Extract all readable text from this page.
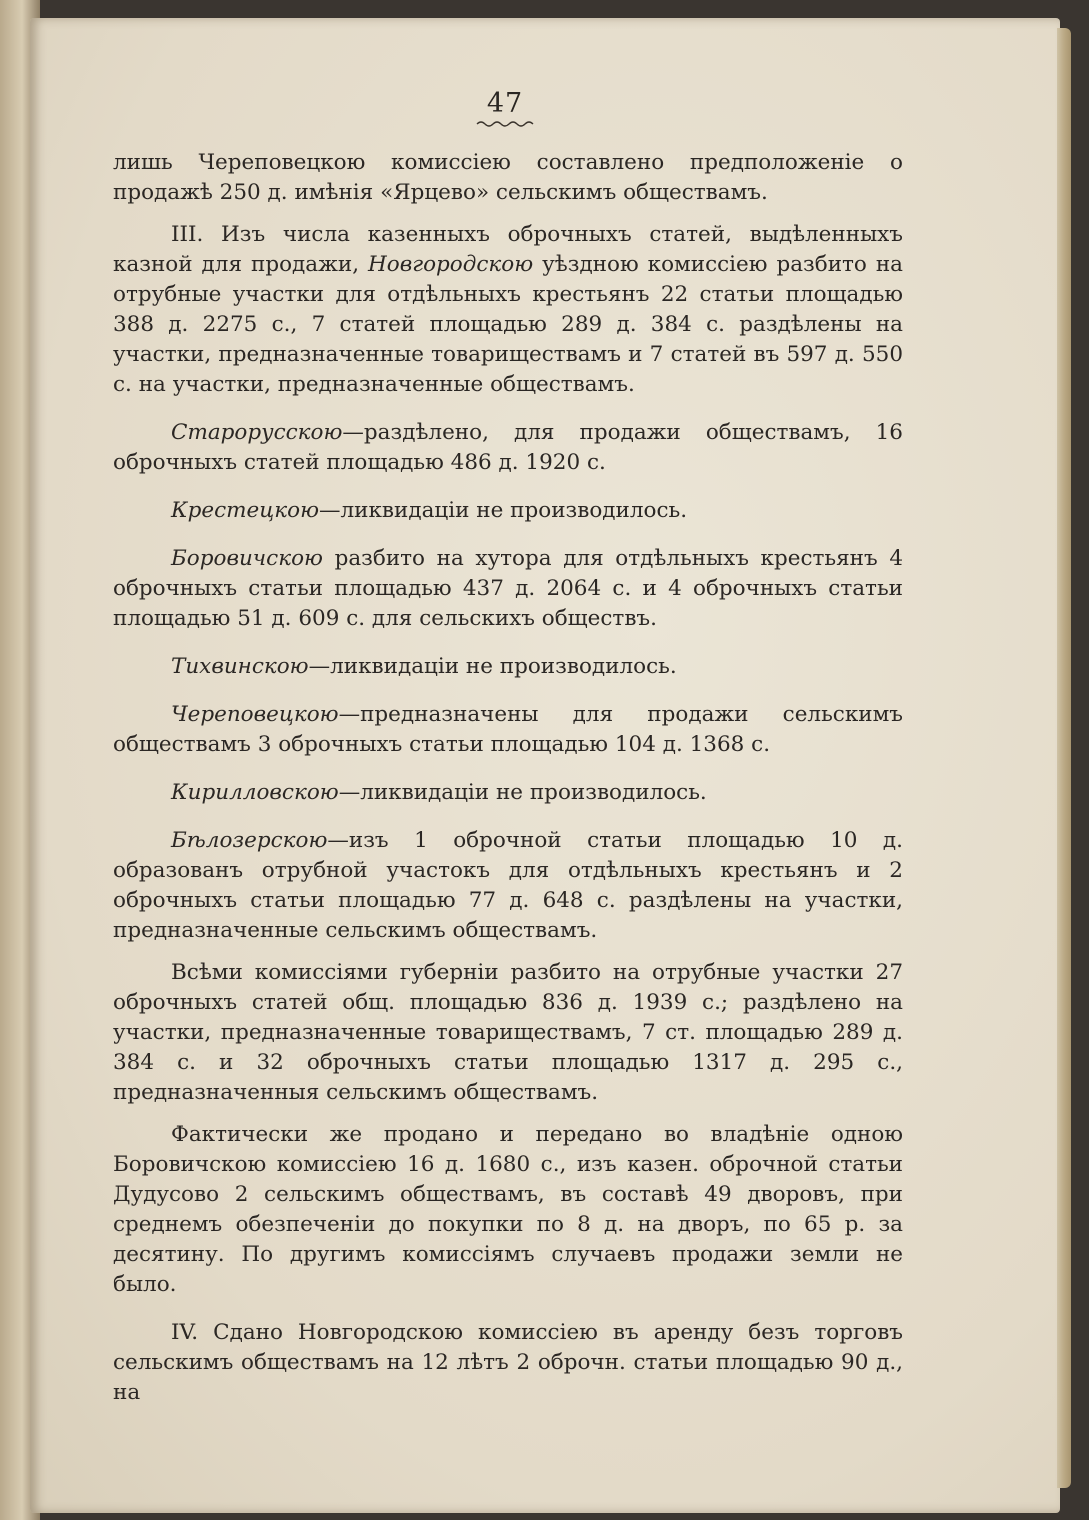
47

лишь Череповецкою комиссiею составлено предположенiе о продажѣ 250 д. имѣнiя «Ярцево» сельскимъ обществамъ.

III. Изъ числа казенныхъ оброчныхъ статей, выдѣленныхъ казной для продажи, Новгородскою уѣздною комиссiею разбито на отрубные участки для отдѣльныхъ крестьянъ 22 статьи площадью 388 д. 2275 с., 7 статей площадью 289 д. 384 с. раздѣлены на участки, предназначенные товариществамъ и 7 статей въ 597 д. 550 с. на участки, предназначенные обществамъ.

Старорусскою—раздѣлено, для продажи обществамъ, 16 оброчныхъ статей площадью 486 д. 1920 с.

Крестецкою—ликвидацiи не производилось.

Боровичскою разбито на хутора для отдѣльныхъ крестьянъ 4 оброчныхъ статьи площадью 437 д. 2064 с. и 4 оброчныхъ статьи площадью 51 д. 609 с. для сельскихъ обществъ.

Тихвинскою—ликвидацiи не производилось.

Череповецкою—предназначены для продажи сельскимъ обществамъ 3 оброчныхъ статьи площадью 104 д. 1368 с.

Кирилловскою—ликвидацiи не производилось.

Бѣлозерскою—изъ 1 оброчной статьи площадью 10 д. образованъ отрубной участокъ для отдѣльныхъ крестьянъ и 2 оброчныхъ статьи площадью 77 д. 648 с. раздѣлены на участки, предназначенные сельскимъ обществамъ.

Всѣми комиссiями губернiи разбито на отрубные участки 27 оброчныхъ статей общ. площадью 836 д. 1939 с.; раздѣлено на участки, предназначенные товариществамъ, 7 ст. площадью 289 д. 384 с. и 32 оброчныхъ статьи площадью 1317 д. 295 с., предназначенныя сельскимъ обществамъ.

Фактически же продано и передано во владѣнiе одною Боровичскою комиссiею 16 д. 1680 с., изъ казен. оброчной статьи Дудусово 2 сельскимъ обществамъ, въ составѣ 49 дворовъ, при среднемъ обезпеченiи до покупки по 8 д. на дворъ, по 65 р. за десятину. По другимъ комиссiямъ случаевъ продажи земли не было.

IV. Сдано Новгородскою комиссiею въ аренду безъ торговъ сельскимъ обществамъ на 12 лѣтъ 2 оброчн. статьи площадью 90 д., на
